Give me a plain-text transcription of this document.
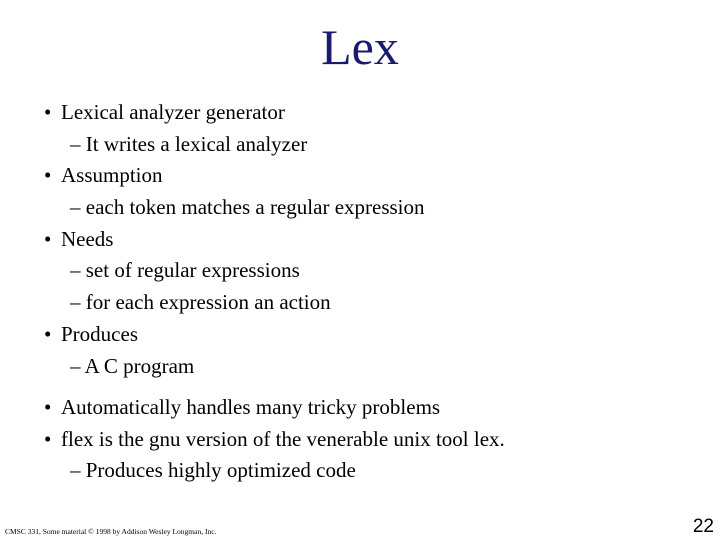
Lex
• Lexical analyzer generator
– It writes a lexical analyzer
• Assumption
– each token matches a regular expression
• Needs
– set of regular expressions
– for each expression an action
• Produces
– A C program
• Automatically handles many tricky problems
• flex is the gnu version of the venerable unix tool lex.
– Produces highly optimized code
CMSC 331, Some material © 1998 by Addison Wesley Longman, Inc.	22
